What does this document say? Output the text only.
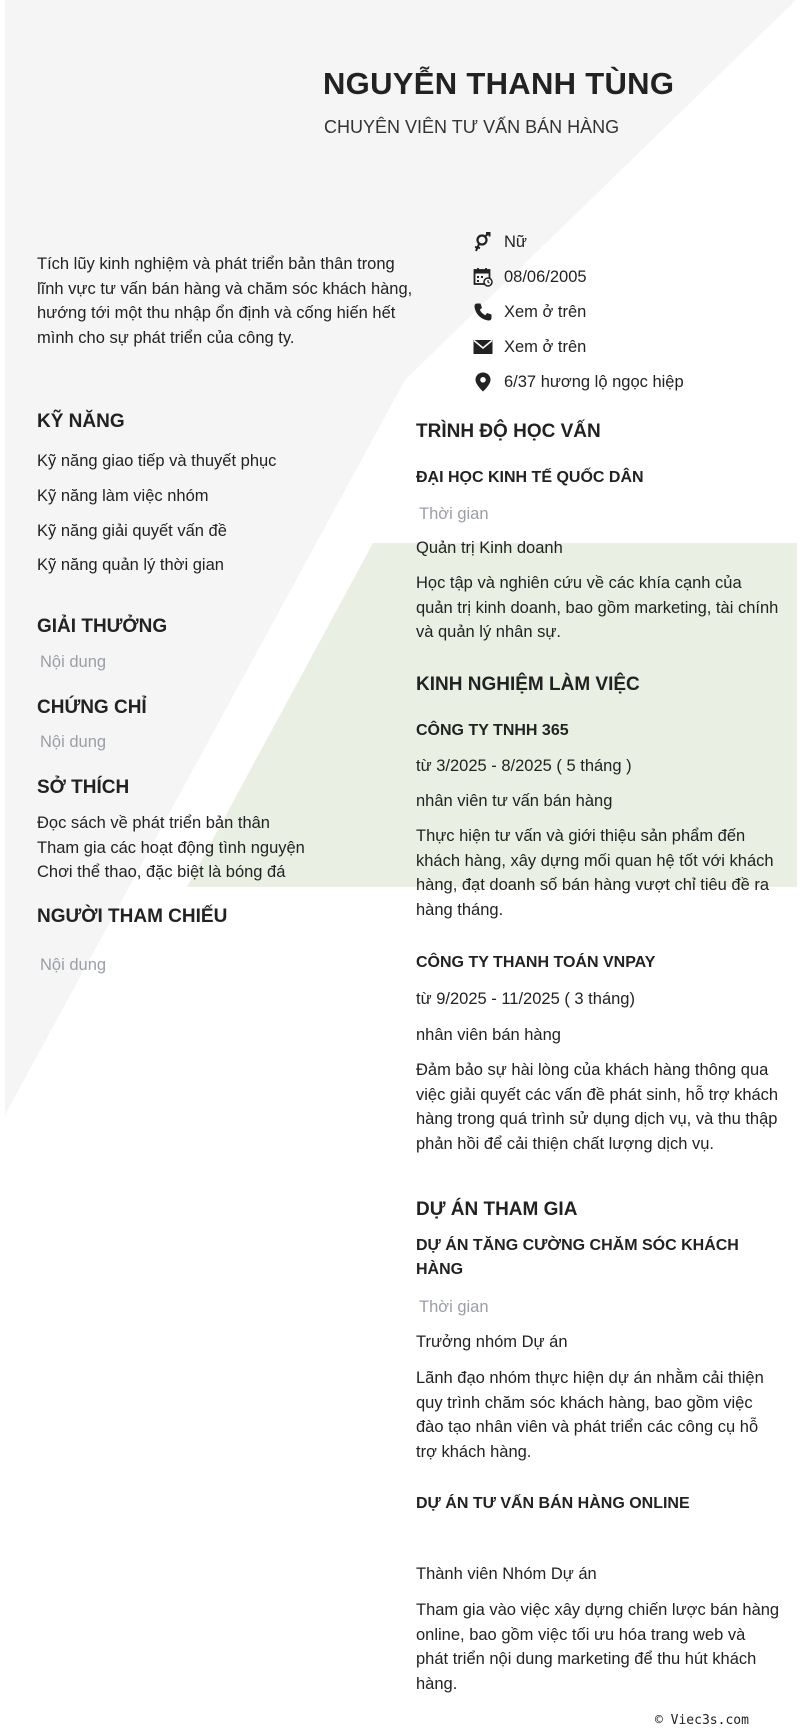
NGUYỄN THANH TÙNG
CHUYÊN VIÊN TƯ VẤN BÁN HÀNG
Tích lũy kinh nghiệm và phát triển bản thân trong lĩnh vực tư vấn bán hàng và chăm sóc khách hàng, hướng tới một thu nhập ổn định và cống hiến hết mình cho sự phát triển của công ty.
Nữ
08/06/2005
Xem ở trên
Xem ở trên
6/37 hương lộ ngọc hiệp
KỸ NĂNG
Kỹ năng giao tiếp và thuyết phục
Kỹ năng làm việc nhóm
Kỹ năng giải quyết vấn đề
Kỹ năng quản lý thời gian
GIẢI THƯỞNG
Nội dung
CHỨNG CHỈ
Nội dung
SỞ THÍCH
Đọc sách về phát triển bản thân
Tham gia các hoạt động tình nguyện
Chơi thể thao, đặc biệt là bóng đá
NGƯỜI THAM CHIẾU
Nội dung
TRÌNH ĐỘ HỌC VẤN
ĐẠI HỌC KINH TẾ QUỐC DÂN
Thời gian
Quản trị Kinh doanh
Học tập và nghiên cứu về các khía cạnh của quản trị kinh doanh, bao gồm marketing, tài chính và quản lý nhân sự.
KINH NGHIỆM LÀM VIỆC
CÔNG TY TNHH 365
từ 3/2025 - 8/2025 ( 5 tháng )
nhân viên tư vấn bán hàng
Thực hiện tư vấn và giới thiệu sản phẩm đến khách hàng, xây dựng mối quan hệ tốt với khách hàng, đạt doanh số bán hàng vượt chỉ tiêu đề ra hàng tháng.
CÔNG TY THANH TOÁN VNPAY
từ 9/2025 - 11/2025 ( 3 tháng)
nhân viên bán hàng
Đảm bảo sự hài lòng của khách hàng thông qua việc giải quyết các vấn đề phát sinh, hỗ trợ khách hàng trong quá trình sử dụng dịch vụ, và thu thập phản hồi để cải thiện chất lượng dịch vụ.
DỰ ÁN THAM GIA
DỰ ÁN TĂNG CƯỜNG CHĂM SÓC KHÁCH HÀNG
Thời gian
Trưởng nhóm Dự án
Lãnh đạo nhóm thực hiện dự án nhằm cải thiện quy trình chăm sóc khách hàng, bao gồm việc đào tạo nhân viên và phát triển các công cụ hỗ trợ khách hàng.
DỰ ÁN TƯ VẤN BÁN HÀNG ONLINE
Thành viên Nhóm Dự án
Tham gia vào việc xây dựng chiến lược bán hàng online, bao gồm việc tối ưu hóa trang web và phát triển nội dung marketing để thu hút khách hàng.
© Viec3s.com
